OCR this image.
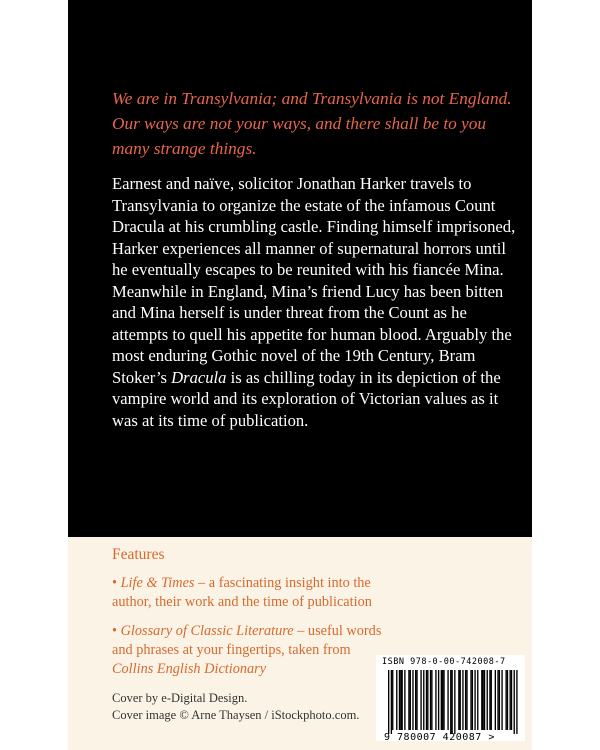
We are in Transylvania; and Transylvania is not England. Our ways are not your ways, and there shall be to you many strange things.

Earnest and naïve, solicitor Jonathan Harker travels to Transylvania to organize the estate of the infamous Count Dracula at his crumbling castle. Finding himself imprisoned, Harker experiences all manner of supernatural horrors until he eventually escapes to be reunited with his fiancée Mina. Meanwhile in England, Mina’s friend Lucy has been bitten and Mina herself is under threat from the Count as he attempts to quell his appetite for human blood. Arguably the most enduring Gothic novel of the 19th Century, Bram Stoker’s Dracula is as chilling today in its depiction of the vampire world and its exploration of Victorian values as it was at its time of publication.

Features

• Life & Times – a fascinating insight into the author, their work and the time of publication

• Glossary of Classic Literature – useful words and phrases at your fingertips, taken from Collins English Dictionary

Cover by e-Digital Design.
Cover image © Arne Thaysen / iStockphoto.com.

ISBN 978-0-00-742008-7
9 780007 420087 >
